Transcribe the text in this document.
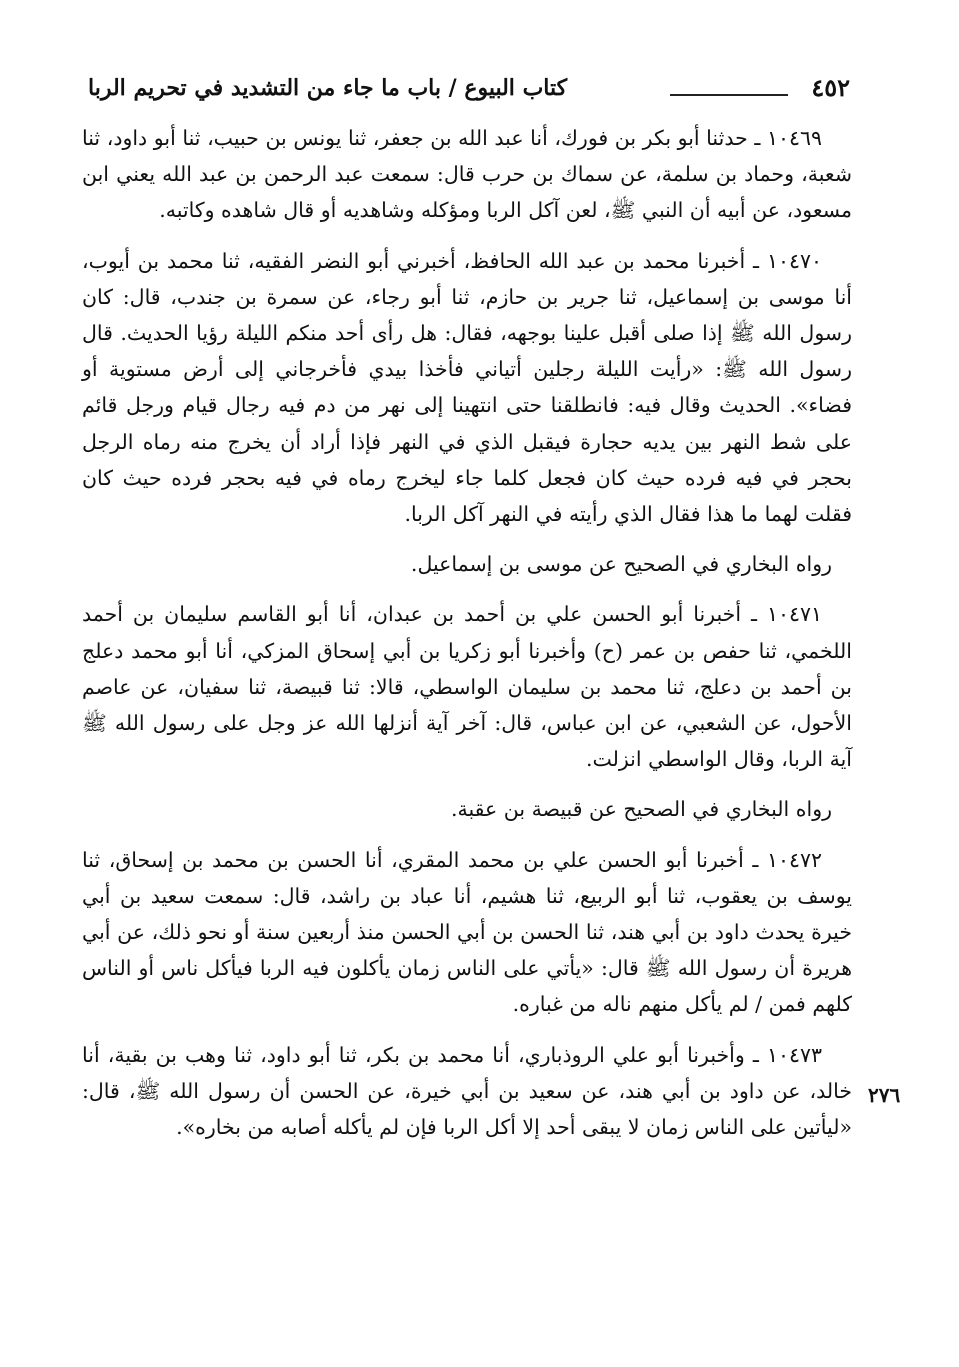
٤٥٢
كتاب البيوع / باب ما جاء من التشديد في تحريم الربا

١٠٤٦٩ ـ حدثنا أبو بكر بن فورك، أنا عبد الله بن جعفر، ثنا يونس بن حبيب، ثنا أبو داود، ثنا شعبة، وحماد بن سلمة، عن سماك بن حرب قال: سمعت عبد الرحمن بن عبد الله يعني ابن مسعود، عن أبيه أن النبي ﷺ، لعن آكل الربا ومؤكله وشاهديه أو قال شاهده وكاتبه.

١٠٤٧٠ ـ أخبرنا محمد بن عبد الله الحافظ، أخبرني أبو النضر الفقيه، ثنا محمد بن أيوب، أنا موسى بن إسماعيل، ثنا جرير بن حازم، ثنا أبو رجاء، عن سمرة بن جندب، قال: كان رسول الله ﷺ إذا صلى أقبل علينا بوجهه، فقال: هل رأى أحد منكم الليلة رؤيا الحديث. قال رسول الله ﷺ: «رأيت الليلة رجلين أتياني فأخذا بيدي فأخرجاني إلى أرض مستوية أو فضاء». الحديث وقال فيه: فانطلقنا حتى انتهينا إلى نهر من دم فيه رجال قيام ورجل قائم على شط النهر بين يديه حجارة فيقبل الذي في النهر فإذا أراد أن يخرج منه رماه الرجل بحجر في فيه فرده حيث كان فجعل كلما جاء ليخرج رماه في فيه بحجر فرده حيث كان فقلت لهما ما هذا فقال الذي رأيته في النهر آكل الربا.

رواه البخاري في الصحيح عن موسى بن إسماعيل.

١٠٤٧١ ـ أخبرنا أبو الحسن علي بن أحمد بن عبدان، أنا أبو القاسم سليمان بن أحمد اللخمي، ثنا حفص بن عمر (ح) وأخبرنا أبو زكريا بن أبي إسحاق المزكي، أنا أبو محمد دعلج بن أحمد بن دعلج، ثنا محمد بن سليمان الواسطي، قالا: ثنا قبيصة، ثنا سفيان، عن عاصم الأحول، عن الشعبي، عن ابن عباس، قال: آخر آية أنزلها الله عز وجل على رسول الله ﷺ آية الربا، وقال الواسطي انزلت.

رواه البخاري في الصحيح عن قبيصة بن عقبة.

١٠٤٧٢ ـ أخبرنا أبو الحسن علي بن محمد المقري، أنا الحسن بن محمد بن إسحاق، ثنا يوسف بن يعقوب، ثنا أبو الربيع، ثنا هشيم، أنا عباد بن راشد، قال: سمعت سعيد بن أبي خيرة يحدث داود بن أبي هند، ثنا الحسن بن أبي الحسن منذ أربعين سنة أو نحو ذلك، عن أبي هريرة أن رسول الله ﷺ قال: «يأتي على الناس زمان يأكلون فيه الربا فيأكل ناس أو الناس كلهم فمن / لم يأكل منهم ناله من غباره.

١٠٤٧٣ ـ وأخبرنا أبو علي الروذباري، أنا محمد بن بكر، ثنا أبو داود، ثنا وهب بن بقية، أنا خالد، عن داود بن أبي هند، عن سعيد بن أبي خيرة، عن الحسن أن رسول الله ﷺ، قال: «ليأتين على الناس زمان لا يبقى أحد إلا أكل الربا فإن لم يأكله أصابه من بخاره».

٢٧٦
